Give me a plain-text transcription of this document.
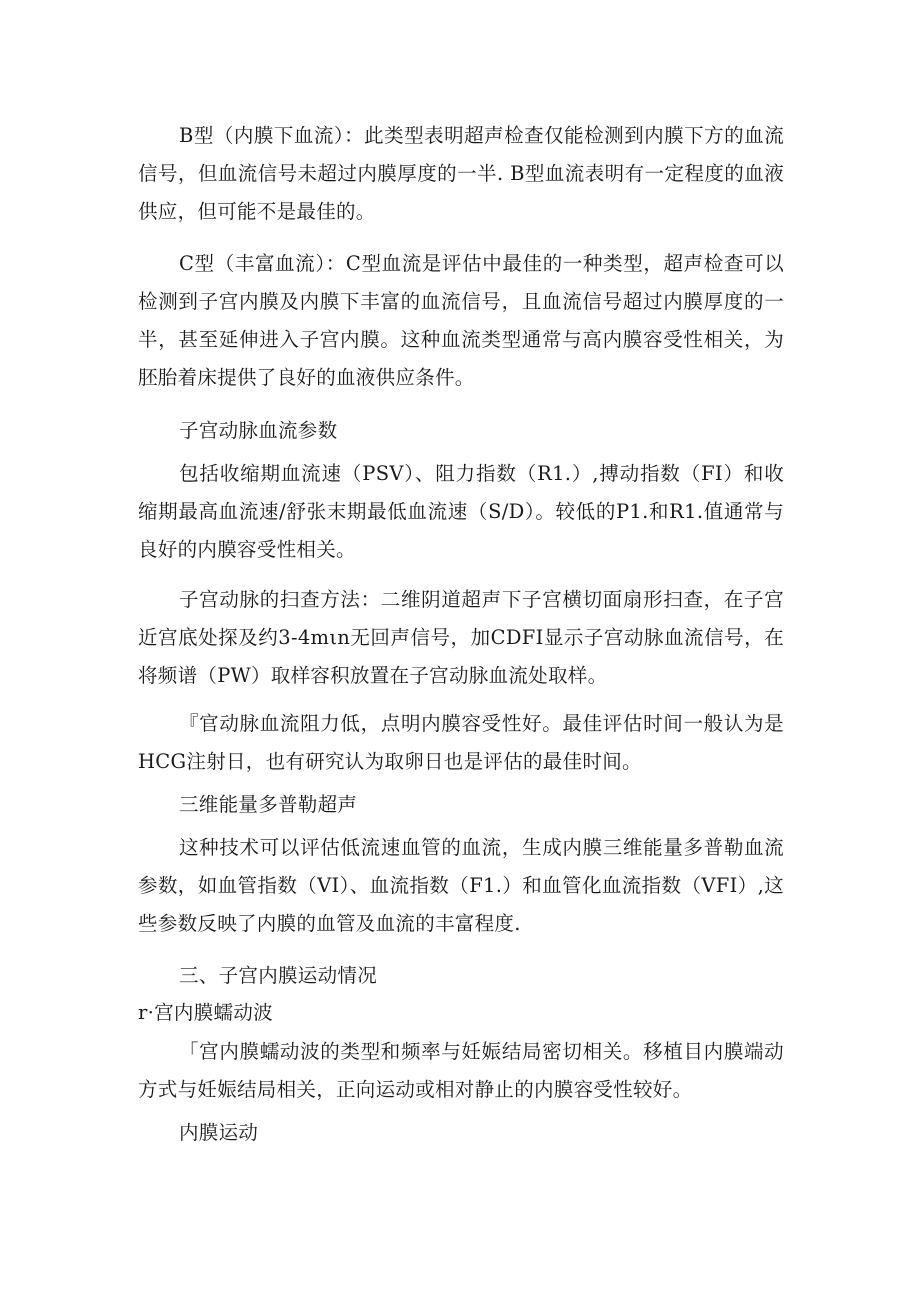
B型（内膜下血流）：此类型表明超声检查仅能检测到内膜下方的血流信号，但血流信号未超过内膜厚度的一半. B型血流表明有一定程度的血液供应，但可能不是最佳的。

C型（丰富血流）：C型血流是评估中最佳的一种类型，超声检查可以检测到子宫内膜及内膜下丰富的血流信号，且血流信号超过内膜厚度的一半，甚至延伸进入子宫内膜。这种血流类型通常与高内膜容受性相关，为胚胎着床提供了良好的血液供应条件。

子宫动脉血流参数

包括收缩期血流速（PSV）、阻力指数（R1.）,搏动指数（FI）和收缩期最高血流速/舒张末期最低血流速（S/D）。较低的P1.和R1.值通常与良好的内膜容受性相关。

子宫动脉的扫查方法：二维阴道超声下子宫横切面扇形扫查，在子宫近宫底处探及约3-4mιn无回声信号，加CDFI显示子宫动脉血流信号，在将频谱（PW）取样容积放置在子宫动脉血流处取样。

『官动脉血流阻力低，点明内膜容受性好。最佳评估时间一般认为是HCG注射日，也有研究认为取卵日也是评估的最佳时间。

三维能量多普勒超声

这种技术可以评估低流速血管的血流，生成内膜三维能量多普勒血流参数，如血管指数（VI）、血流指数（F1.）和血管化血流指数（VFI）,这些参数反映了内膜的血管及血流的丰富程度.

三、子宫内膜运动情况

r·宫内膜蠕动波

「宫内膜蠕动波的类型和频率与妊娠结局密切相关。移植目内膜端动方式与妊娠结局相关，正向运动或相对静止的内膜容受性较好。

内膜运动
